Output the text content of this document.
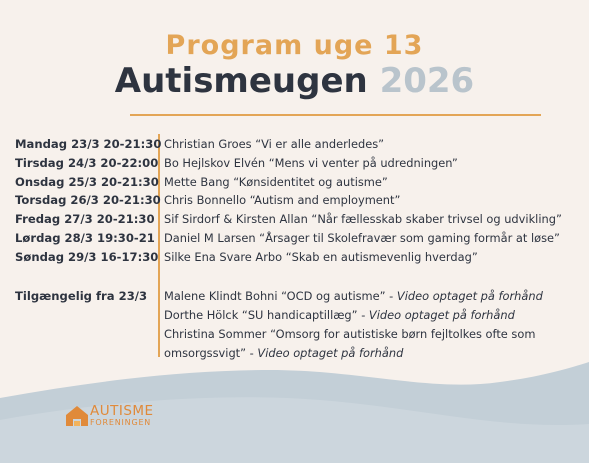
Program uge 13
Autismeugen 2026
Mandag 23/3 20-21:30 Christian Groes “Vi er alle anderledes”
Tirsdag 24/3 20-22:00 Bo Hejlskov Elvén “Mens vi venter på udredningen”
Onsdag 25/3 20-21:30 Mette Bang “Kønsidentitet og autisme”
Torsdag 26/3 20-21:30 Chris Bonnello “Autism and employment”
Fredag 27/3 20-21:30 Sif Sirdorf & Kirsten Allan “Når fællesskab skaber trivsel og udvikling”
Lørdag 28/3 19:30-21 Daniel M Larsen “Årsager til Skolefravær som gaming formår at løse”
Søndag 29/3 16-17:30 Silke Ena Svare Arbo “Skab en autismevenlig hverdag”
Tilgængelig fra 23/3 Malene Klindt Bohni “OCD og autisme” - Video optaget på forhånd
Dorthe Hölck “SU handicaptillæg” - Video optaget på forhånd
Christina Sommer “Omsorg for autistiske børn fejltolkes ofte som omsorgssvigt” - Video optaget på forhånd
AUTISME
FORENINGEN
